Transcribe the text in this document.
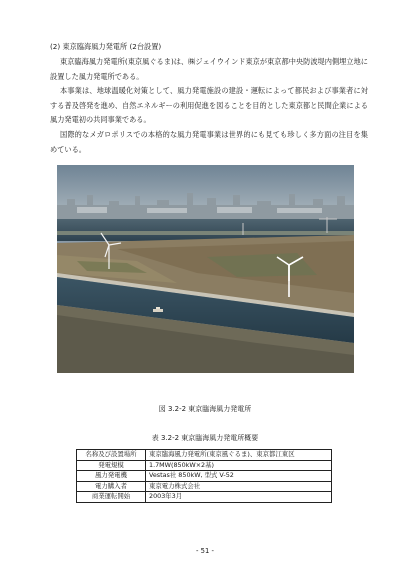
(2) 東京臨海風力発電所 (2台設置)
東京臨海風力発電所(東京風ぐるま)は、㈱ジェイウインド東京が東京都中央防波堤内側埋立地に設置した風力発電所である。
本事業は、地球温暖化対策として、風力発電施設の建設・運転によって都民および事業者に対する普及啓発を進め、自然エネルギーの利用促進を図ることを目的とした東京都と民間企業による風力発電初の共同事業である。
国際的なメガロポリスでの本格的な風力発電事業は世界的にも見ても珍しく多方面の注目を集めている。
図 3.2-2 東京臨海風力発電所
表 3.2-2 東京臨海風力発電所概要
名称及び設置場所	東京臨海風力発電所(東京風ぐるま)、東京都江東区
発電規模	1.7MW(850kW×2基)
風力発電機	Vestas社 850kW, 型式 V-52
電力購入者	東京電力株式会社
商業運転開始	2003年3月
- 51 -
